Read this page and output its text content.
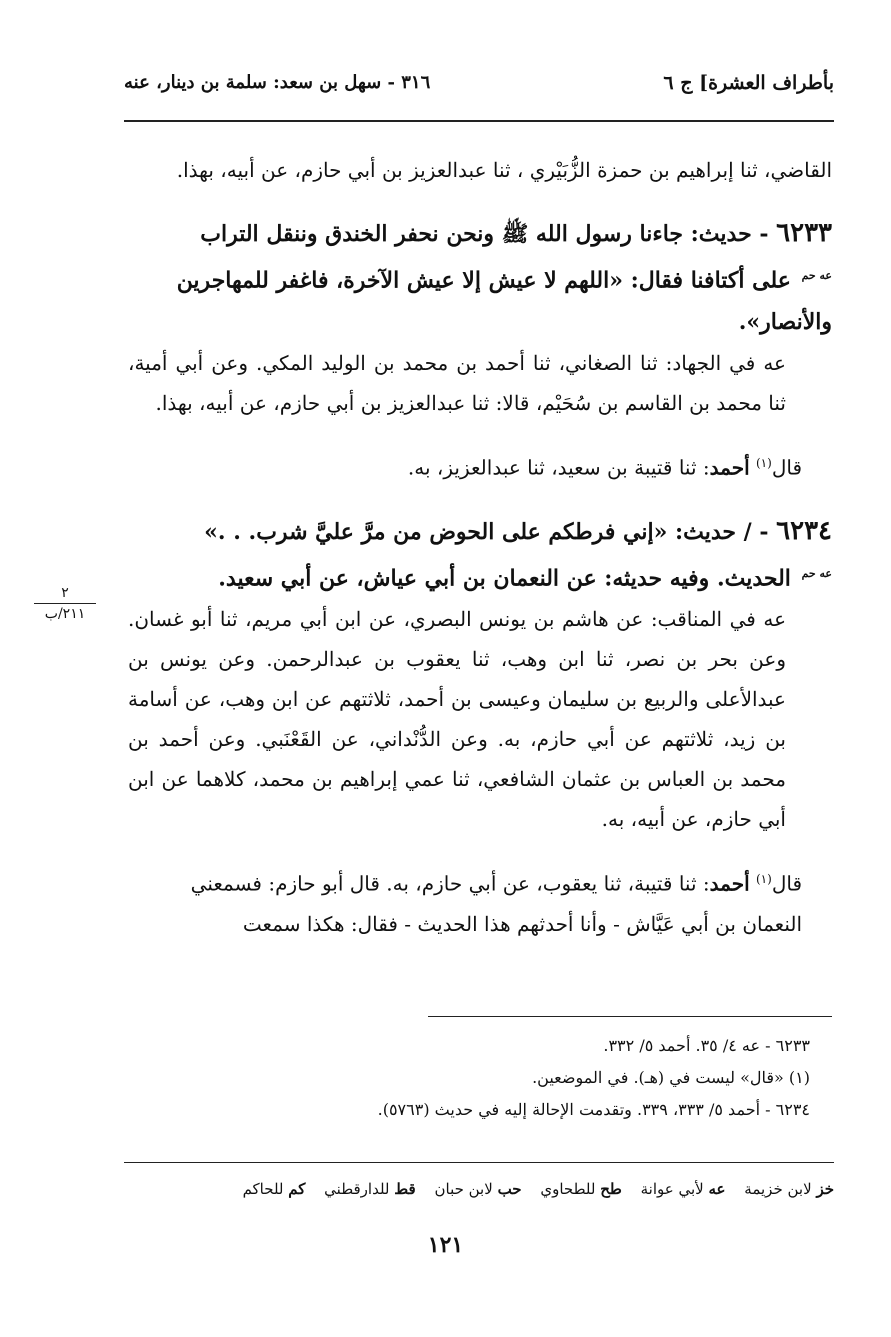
بأطراف العشرة] ج ٦
٣١٦ - سهل بن سعد: سلمة بن دينار، عنه

القاضي، ثنا إبراهيم بن حمزة الزُّبَيْري ، ثنا عبدالعزيز بن أبي حازم، عن أبيه، بهذا.

٦٢٣٣ - حديث: جاءنا رسول الله ﷺ ونحن نحفر الخندق وننقل التراب
$^{عه حم}$ على أكتافنا فقال: «اللهم لا عيش إلا عيش الآخرة، فاغفر للمهاجرين
والأنصار».

عه في الجهاد: ثنا الصغاني، ثنا أحمد بن محمد بن الوليد المكي. وعن أبي أمية، ثنا محمد بن القاسم بن سُحَيْم، قالا: ثنا عبدالعزيز بن أبي حازم، عن أبيه، بهذا.

قال$^{(١)}$ أحمد: ثنا قتيبة بن سعيد، ثنا عبدالعزيز، به.

٦٢٣٤ - / حديث: «إني فرطكم على الحوض من مرَّ عليَّ شرب. . .»
$^{عه حم}$ الحديث. وفيه حديثه: عن النعمان بن أبي عياش، عن أبي سعيد.

عه في المناقب: عن هاشم بن يونس البصري، عن ابن أبي مريم، ثنا أبو غسان. وعن بحر بن نصر، ثنا ابن وهب، ثنا يعقوب بن عبدالرحمن. وعن يونس بن عبدالأعلى والربيع بن سليمان وعيسى بن أحمد، ثلاثتهم عن ابن وهب، عن أسامة بن زيد، ثلاثتهم عن أبي حازم، به. وعن الدُّنْداني، عن القَعْنَبي. وعن أحمد بن محمد بن العباس بن عثمان الشافعي، ثنا عمي إبراهيم بن محمد، كلاهما عن ابن أبي حازم، عن أبيه، به.

قال$^{(١)}$ أحمد: ثنا قتيبة، ثنا يعقوب، عن أبي حازم، به. قال أبو حازم: فسمعني النعمان بن أبي عَيَّاش - وأنا أحدثهم هذا الحديث - فقال: هكذا سمعت

٢
٢١١/ب
٦٢٣٣ - عه ٤/ ٣٥. أحمد ٥/ ٣٣٢.
(١) «قال» ليست في (هـ). في الموضعين.
٦٢٣٤ - أحمد ٥/ ٣٣٣، ٣٣٩. وتقدمت الإحالة إليه في حديث (٥٧٦٣).
خز لابن خزيمة عه لأبي عوانة طح للطحاوي حب لابن حبان قط للدارقطني كم للحاكم
١٢١
